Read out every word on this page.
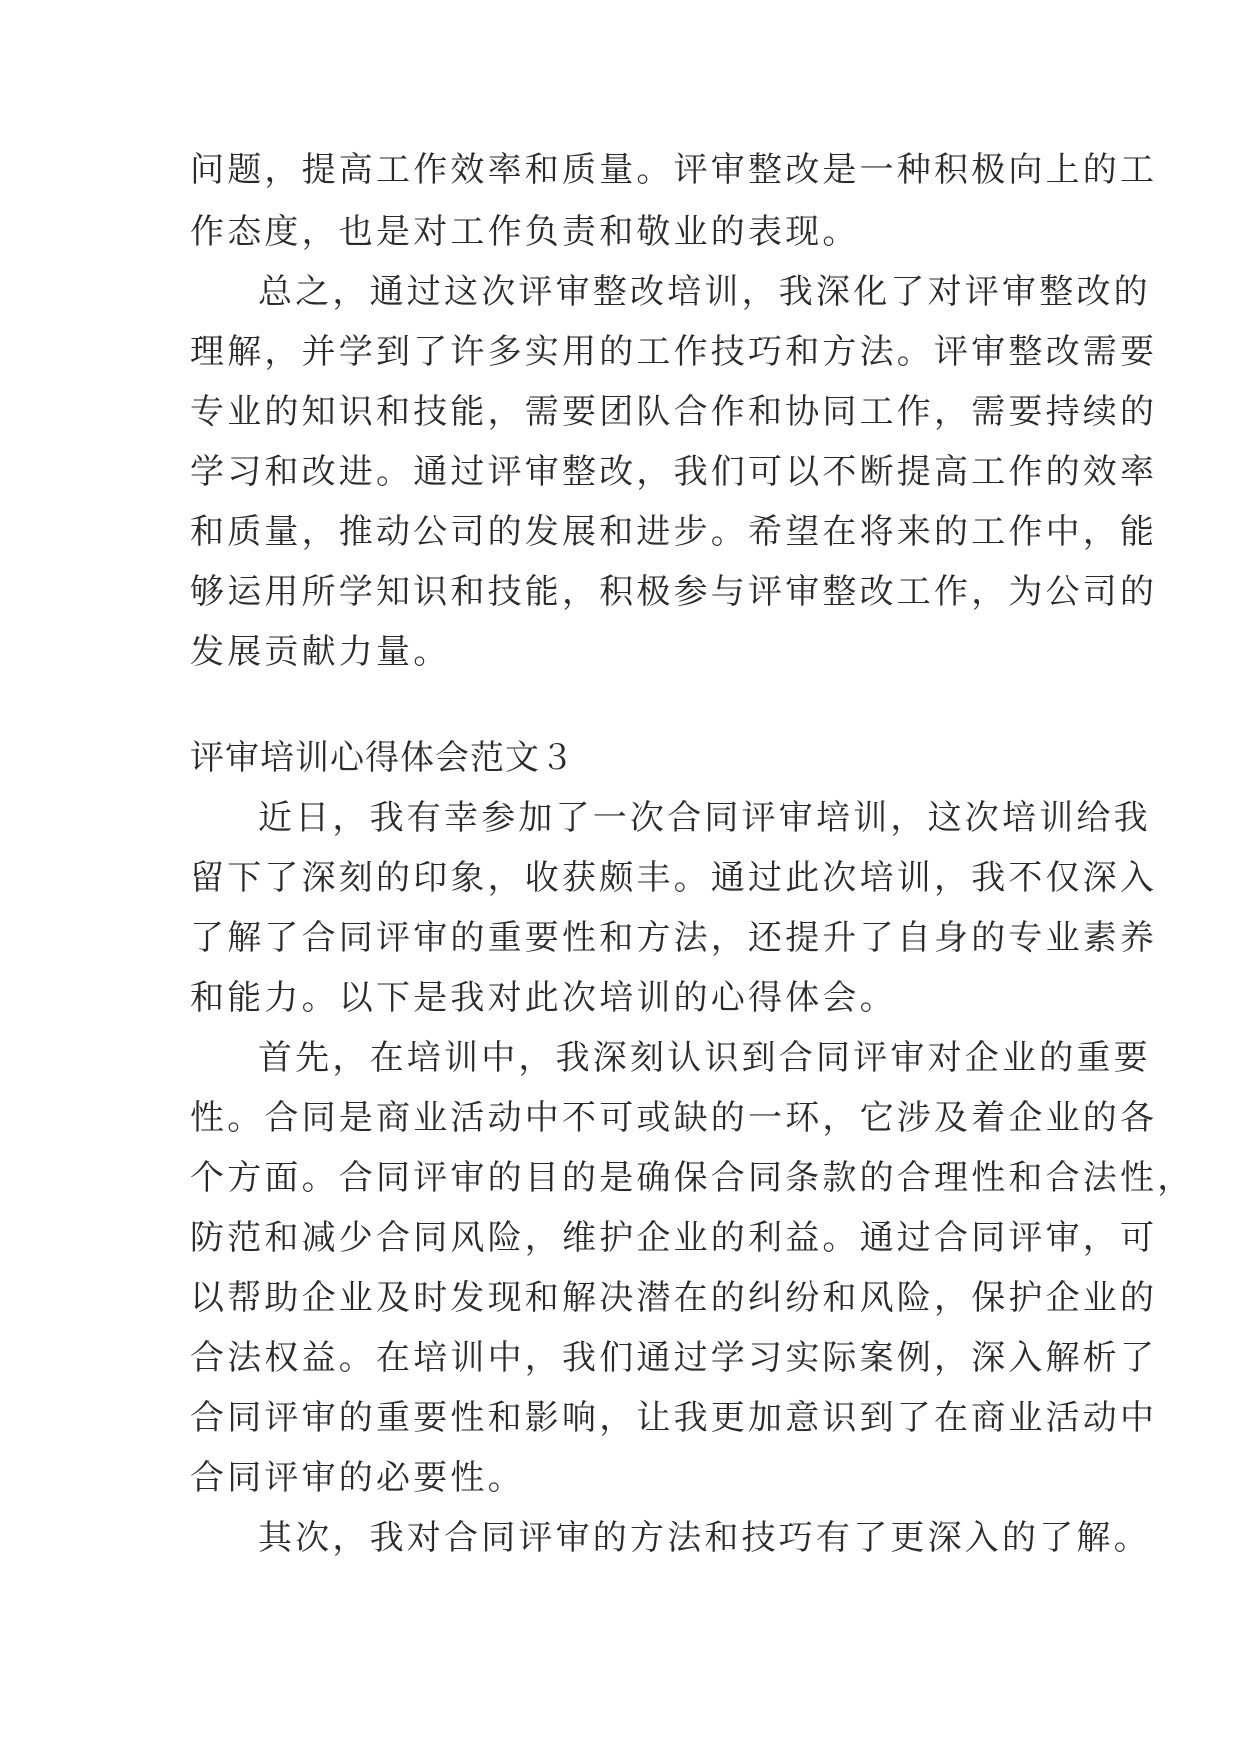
问题，提高工作效率和质量。评审整改是一种积极向上的工
作态度，也是对工作负责和敬业的表现。
总之，通过这次评审整改培训，我深化了对评审整改的
理解，并学到了许多实用的工作技巧和方法。评审整改需要
专业的知识和技能，需要团队合作和协同工作，需要持续的
学习和改进。通过评审整改，我们可以不断提高工作的效率
和质量，推动公司的发展和进步。希望在将来的工作中，能
够运用所学知识和技能，积极参与评审整改工作，为公司的
发展贡献力量。
评审培训心得体会范文３
近日，我有幸参加了一次合同评审培训，这次培训给我
留下了深刻的印象，收获颇丰。通过此次培训，我不仅深入
了解了合同评审的重要性和方法，还提升了自身的专业素养
和能力。以下是我对此次培训的心得体会。
首先，在培训中，我深刻认识到合同评审对企业的重要
性。合同是商业活动中不可或缺的一环，它涉及着企业的各
个方面。合同评审的目的是确保合同条款的合理性和合法性，
防范和减少合同风险，维护企业的利益。通过合同评审，可
以帮助企业及时发现和解决潜在的纠纷和风险，保护企业的
合法权益。在培训中，我们通过学习实际案例，深入解析了
合同评审的重要性和影响，让我更加意识到了在商业活动中
合同评审的必要性。
其次，我对合同评审的方法和技巧有了更深入的了解。
